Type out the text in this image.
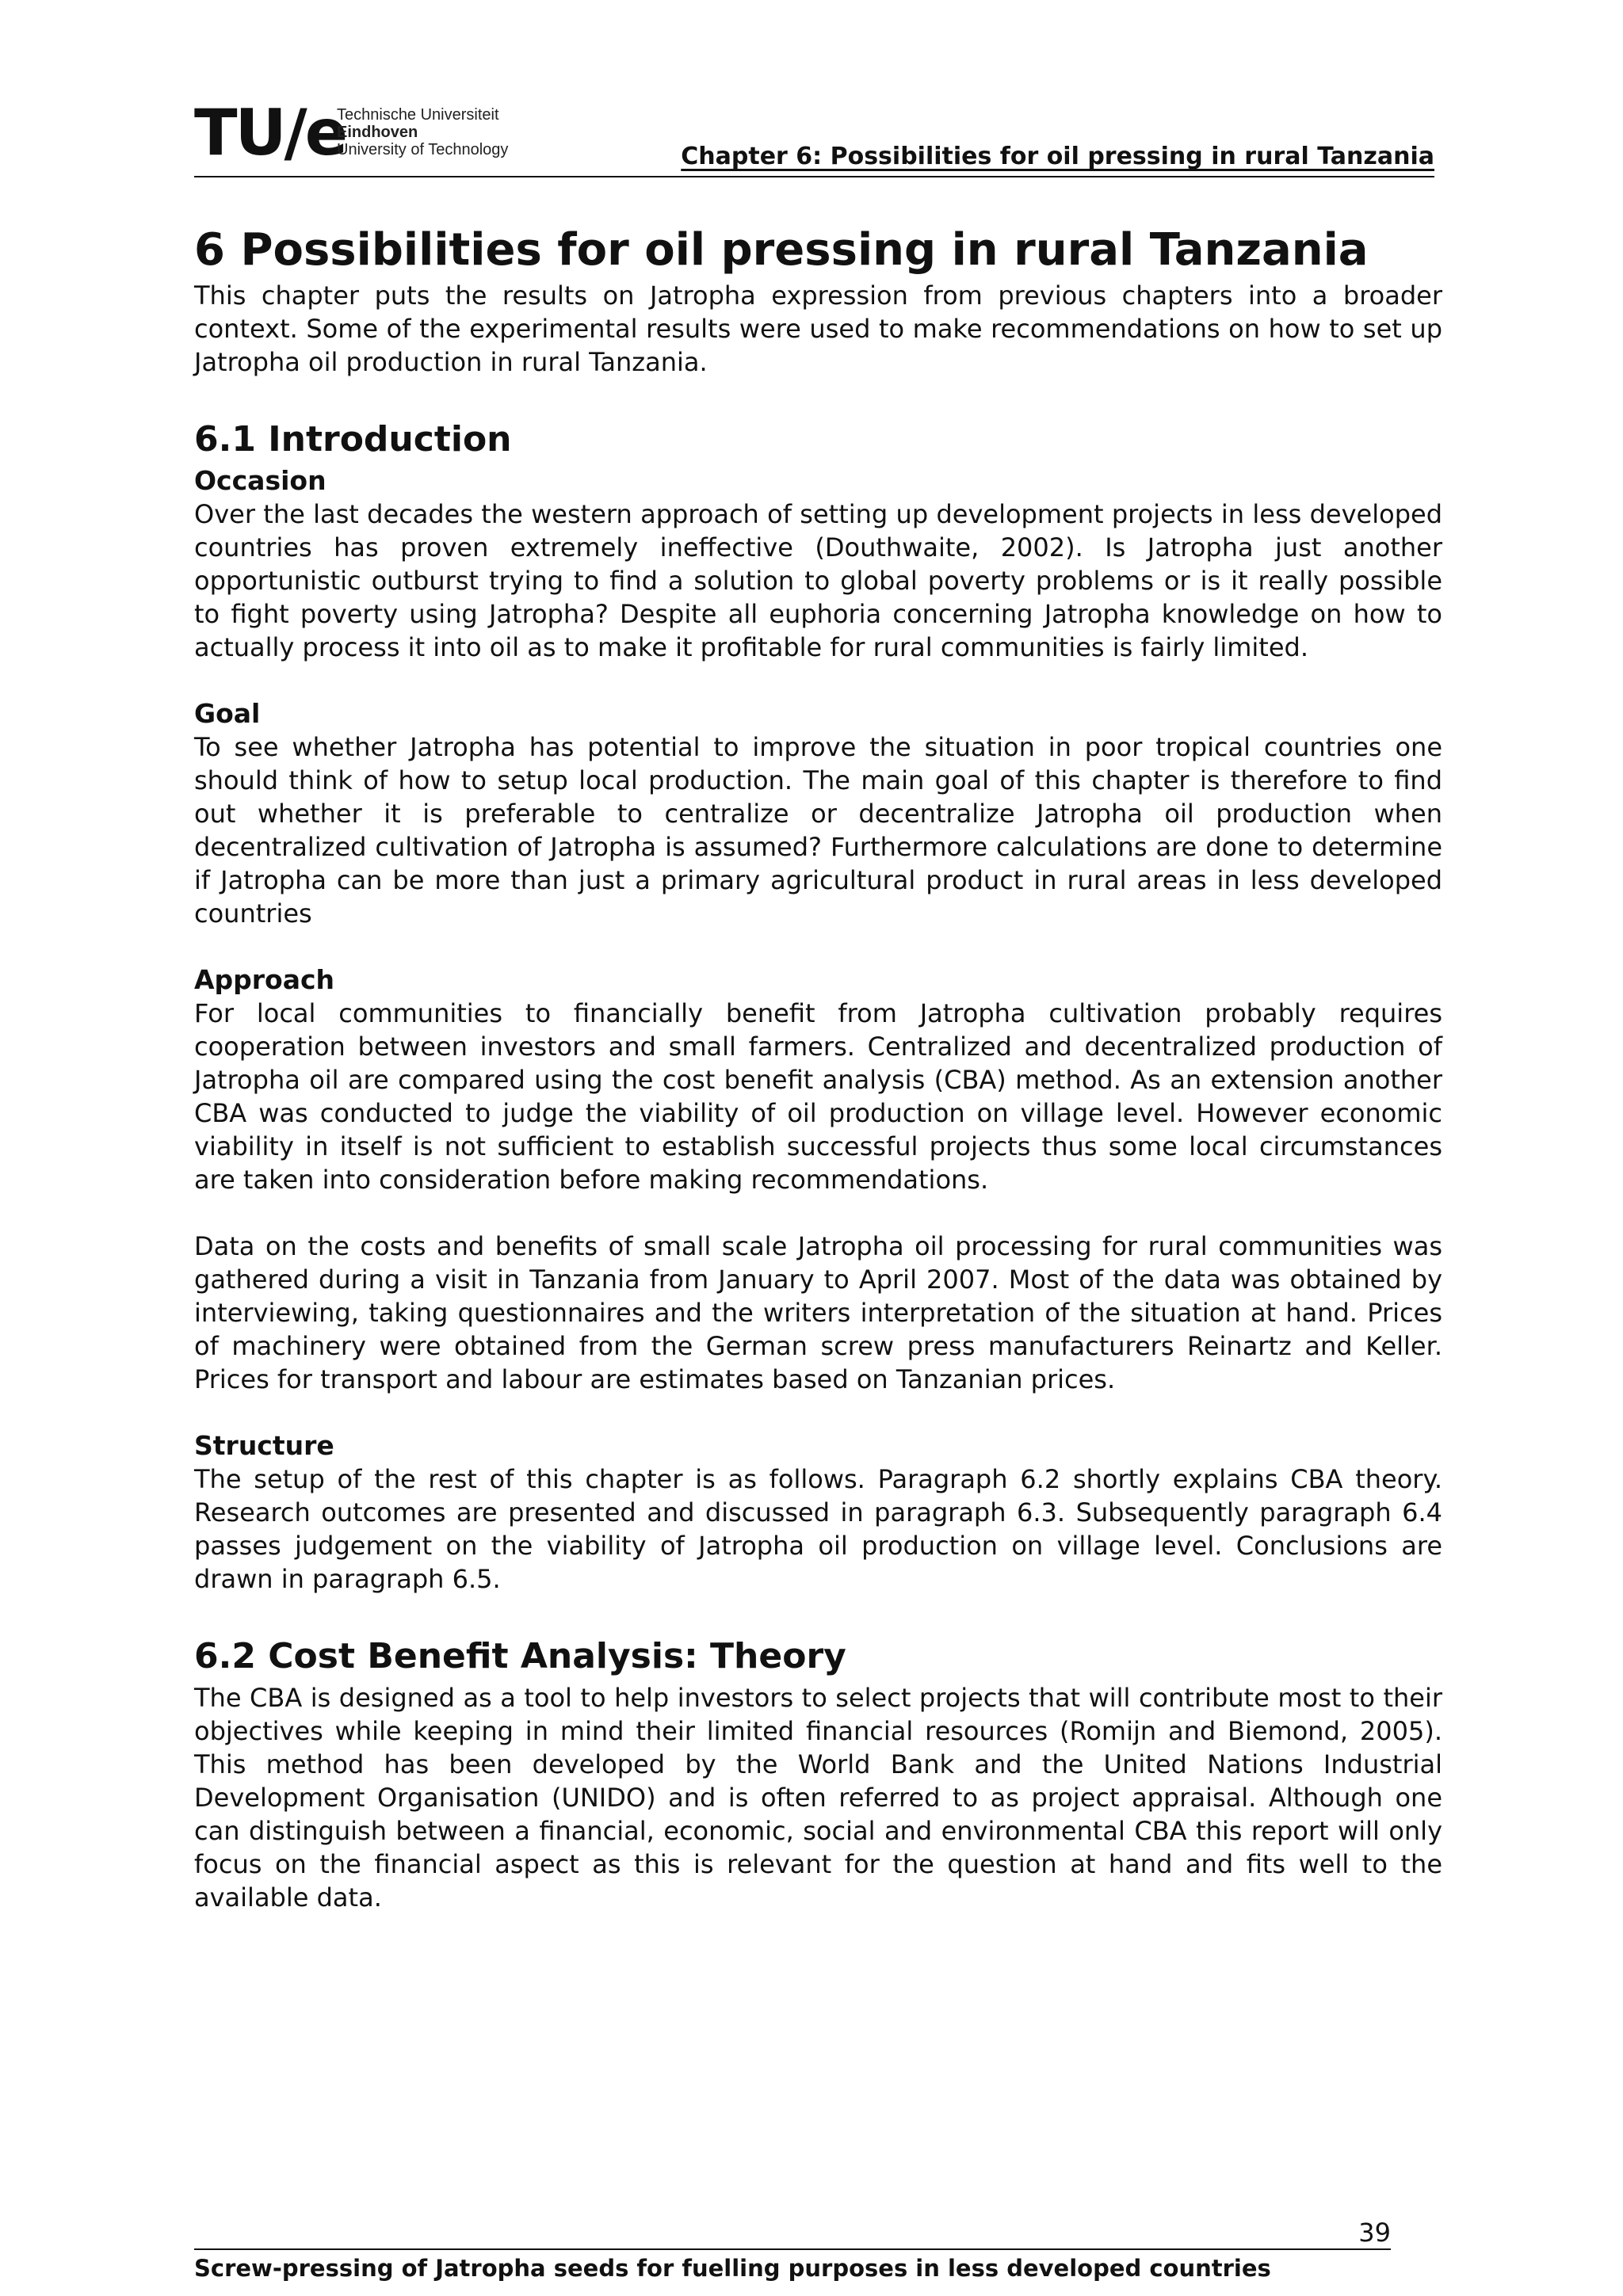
TU/e
Technische Universiteit
Eindhoven
University of Technology	Chapter 6: Possibilities for oil pressing in rural Tanzania
6 Possibilities for oil pressing in rural Tanzania

This chapter puts the results on Jatropha expression from previous chapters into a broader context. Some of the experimental results were used to make recommendations on how to set up Jatropha oil production in rural Tanzania.

6.1 Introduction
Occasion

Over the last decades the western approach of setting up development projects in less developed countries has proven extremely ineffective (Douthwaite, 2002). Is Jatropha just another opportunistic outburst trying to find a solution to global poverty problems or is it really possible to fight poverty using Jatropha? Despite all euphoria concerning Jatropha knowledge on how to actually process it into oil as to make it profitable for rural communities is fairly limited.

Goal

To see whether Jatropha has potential to improve the situation in poor tropical countries one should think of how to setup local production. The main goal of this chapter is therefore to find out whether it is preferable to centralize or decentralize Jatropha oil production when decentralized cultivation of Jatropha is assumed? Furthermore calculations are done to determine if Jatropha can be more than just a primary agricultural product in rural areas in less developed countries

Approach

For local communities to financially benefit from Jatropha cultivation probably requires cooperation between investors and small farmers. Centralized and decentralized production of Jatropha oil are compared using the cost benefit analysis (CBA) method. As an extension another CBA was conducted to judge the viability of oil production on village level. However economic viability in itself is not sufficient to establish successful projects thus some local circumstances are taken into consideration before making recommendations.

Data on the costs and benefits of small scale Jatropha oil processing for rural communities was gathered during a visit in Tanzania from January to April 2007. Most of the data was obtained by interviewing, taking questionnaires and the writers interpretation of the situation at hand. Prices of machinery were obtained from the German screw press manufacturers Reinartz and Keller. Prices for transport and labour are estimates based on Tanzanian prices.

Structure

The setup of the rest of this chapter is as follows. Paragraph 6.2 shortly explains CBA theory. Research outcomes are presented and discussed in paragraph 6.3. Subsequently paragraph 6.4 passes judgement on the viability of Jatropha oil production on village level. Conclusions are drawn in paragraph 6.5.

6.2 Cost Benefit Analysis: Theory

The CBA is designed as a tool to help investors to select projects that will contribute most to their objectives while keeping in mind their limited financial resources (Romijn and Biemond, 2005). This method has been developed by the World Bank and the United Nations Industrial Development Organisation (UNIDO) and is often referred to as project appraisal. Although one can distinguish between a financial, economic, social and environmental CBA this report will only focus on the financial aspect as this is relevant for the question at hand and fits well to the available data.

39
Screw-pressing of Jatropha seeds for fuelling purposes in less developed countries
